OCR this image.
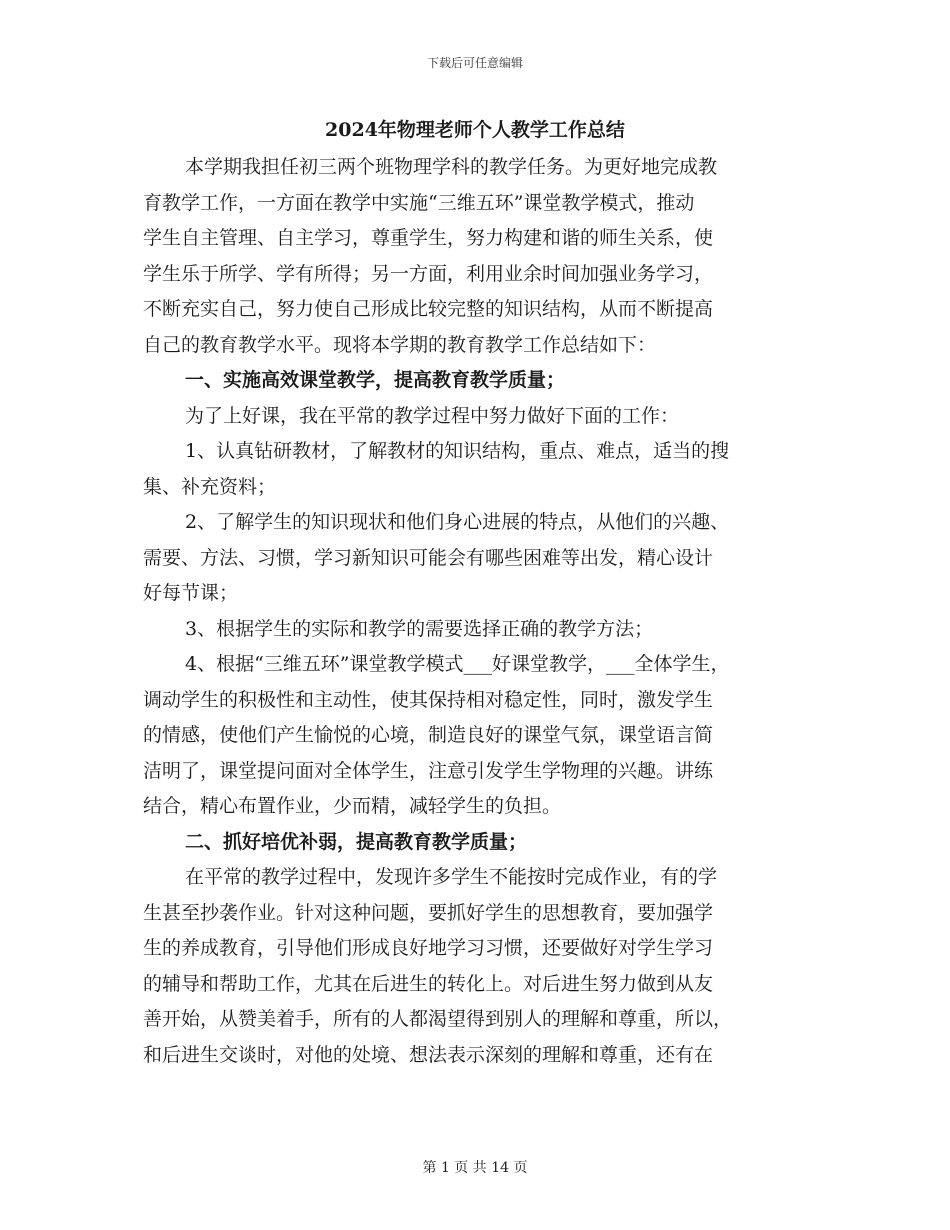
下载后可任意编辑
2024年物理老师个人教学工作总结
本学期我担任初三两个班物理学科的教学任务。为更好地完成教
育教学工作，一方面在教学中实施“三维五环”课堂教学模式，推动
学生自主管理、自主学习，尊重学生，努力构建和谐的师生关系，使
学生乐于所学、学有所得；另一方面，利用业余时间加强业务学习，
不断充实自己，努力使自己形成比较完整的知识结构，从而不断提高
自己的教育教学水平。现将本学期的教育教学工作总结如下：
一、实施高效课堂教学，提高教育教学质量；
为了上好课，我在平常的教学过程中努力做好下面的工作：
1、认真钻研教材，了解教材的知识结构，重点、难点，适当的搜
集、补充资料；
2、了解学生的知识现状和他们身心进展的特点，从他们的兴趣、
需要、方法、习惯，学习新知识可能会有哪些困难等出发，精心设计
好每节课；
3、根据学生的实际和教学的需要选择正确的教学方法；
4、根据“三维五环”课堂教学模式___好课堂教学，___全体学生，
调动学生的积极性和主动性，使其保持相对稳定性，同时，激发学生
的情感，使他们产生愉悦的心境，制造良好的课堂气氛，课堂语言简
洁明了，课堂提问面对全体学生，注意引发学生学物理的兴趣。讲练
结合，精心布置作业，少而精，减轻学生的负担。
二、抓好培优补弱，提高教育教学质量；
在平常的教学过程中，发现许多学生不能按时完成作业，有的学
生甚至抄袭作业。针对这种问题，要抓好学生的思想教育，要加强学
生的养成教育，引导他们形成良好地学习习惯，还要做好对学生学习
的辅导和帮助工作，尤其在后进生的转化上。对后进生努力做到从友
善开始，从赞美着手，所有的人都渴望得到别人的理解和尊重，所以，
和后进生交谈时，对他的处境、想法表示深刻的理解和尊重，还有在
第 1 页 共 14 页
